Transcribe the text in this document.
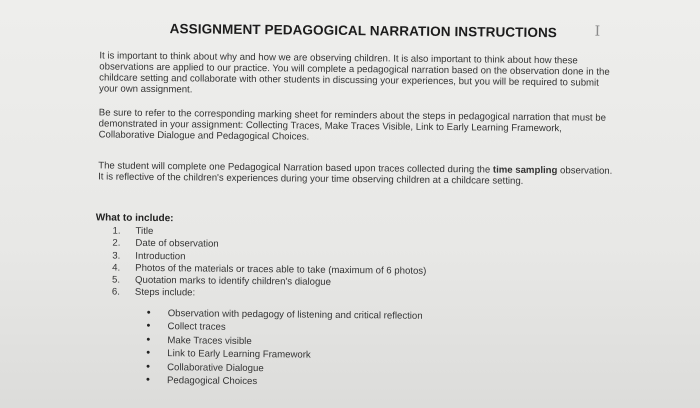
ASSIGNMENT PEDAGOGICAL NARRATION INSTRUCTIONS	I

It is important to think about why and how we are observing children. It is also important to think about how these observations are applied to our practice. You will complete a pedagogical narration based on the observation done in the childcare setting and collaborate with other students in discussing your experiences, but you will be required to submit your own assignment.

Be sure to refer to the corresponding marking sheet for reminders about the steps in pedagogical narration that must be demonstrated in your assignment: Collecting Traces, Make Traces Visible, Link to Early Learning Framework, Collaborative Dialogue and Pedagogical Choices.

The student will complete one Pedagogical Narration based upon traces collected during the time sampling observation. It is reflective of the children's experiences during your time observing children at a childcare setting.

What to include:
1. Title
2. Date of observation
3. Introduction
4. Photos of the materials or traces able to take (maximum of 6 photos)
5. Quotation marks to identify children's dialogue
6. Steps include:
• Observation with pedagogy of listening and critical reflection
• Collect traces
• Make Traces visible
• Link to Early Learning Framework
• Collaborative Dialogue
• Pedagogical Choices
